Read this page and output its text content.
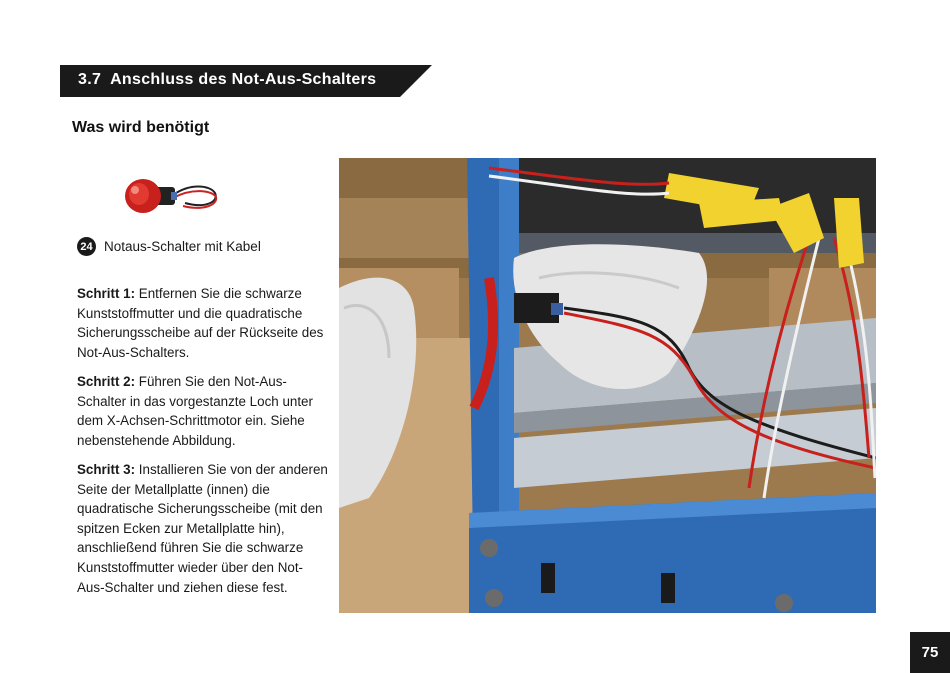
3.7 Anschluss des Not-Aus-Schalters
Was wird benötigt
24 Notaus-Schalter mit Kabel
Schritt 1: Entfernen Sie die schwarze Kunststoffmutter und die quadratische Sicherungsscheibe auf der Rückseite des Not-Aus-Schalters.
Schritt 2: Führen Sie den Not-Aus-Schalter in das vorgestanzte Loch unter dem X-Achsen-Schrittmotor ein. Siehe nebenstehende Abbildung.
Schritt 3: Installieren Sie von der anderen Seite der Metallplatte (innen) die quadratische Sicherungsscheibe (mit den spitzen Ecken zur Metallplatte hin), anschließend führen Sie die schwarze Kunststoffmutter wieder über den Not-Aus-Schalter und ziehen diese fest.
75
